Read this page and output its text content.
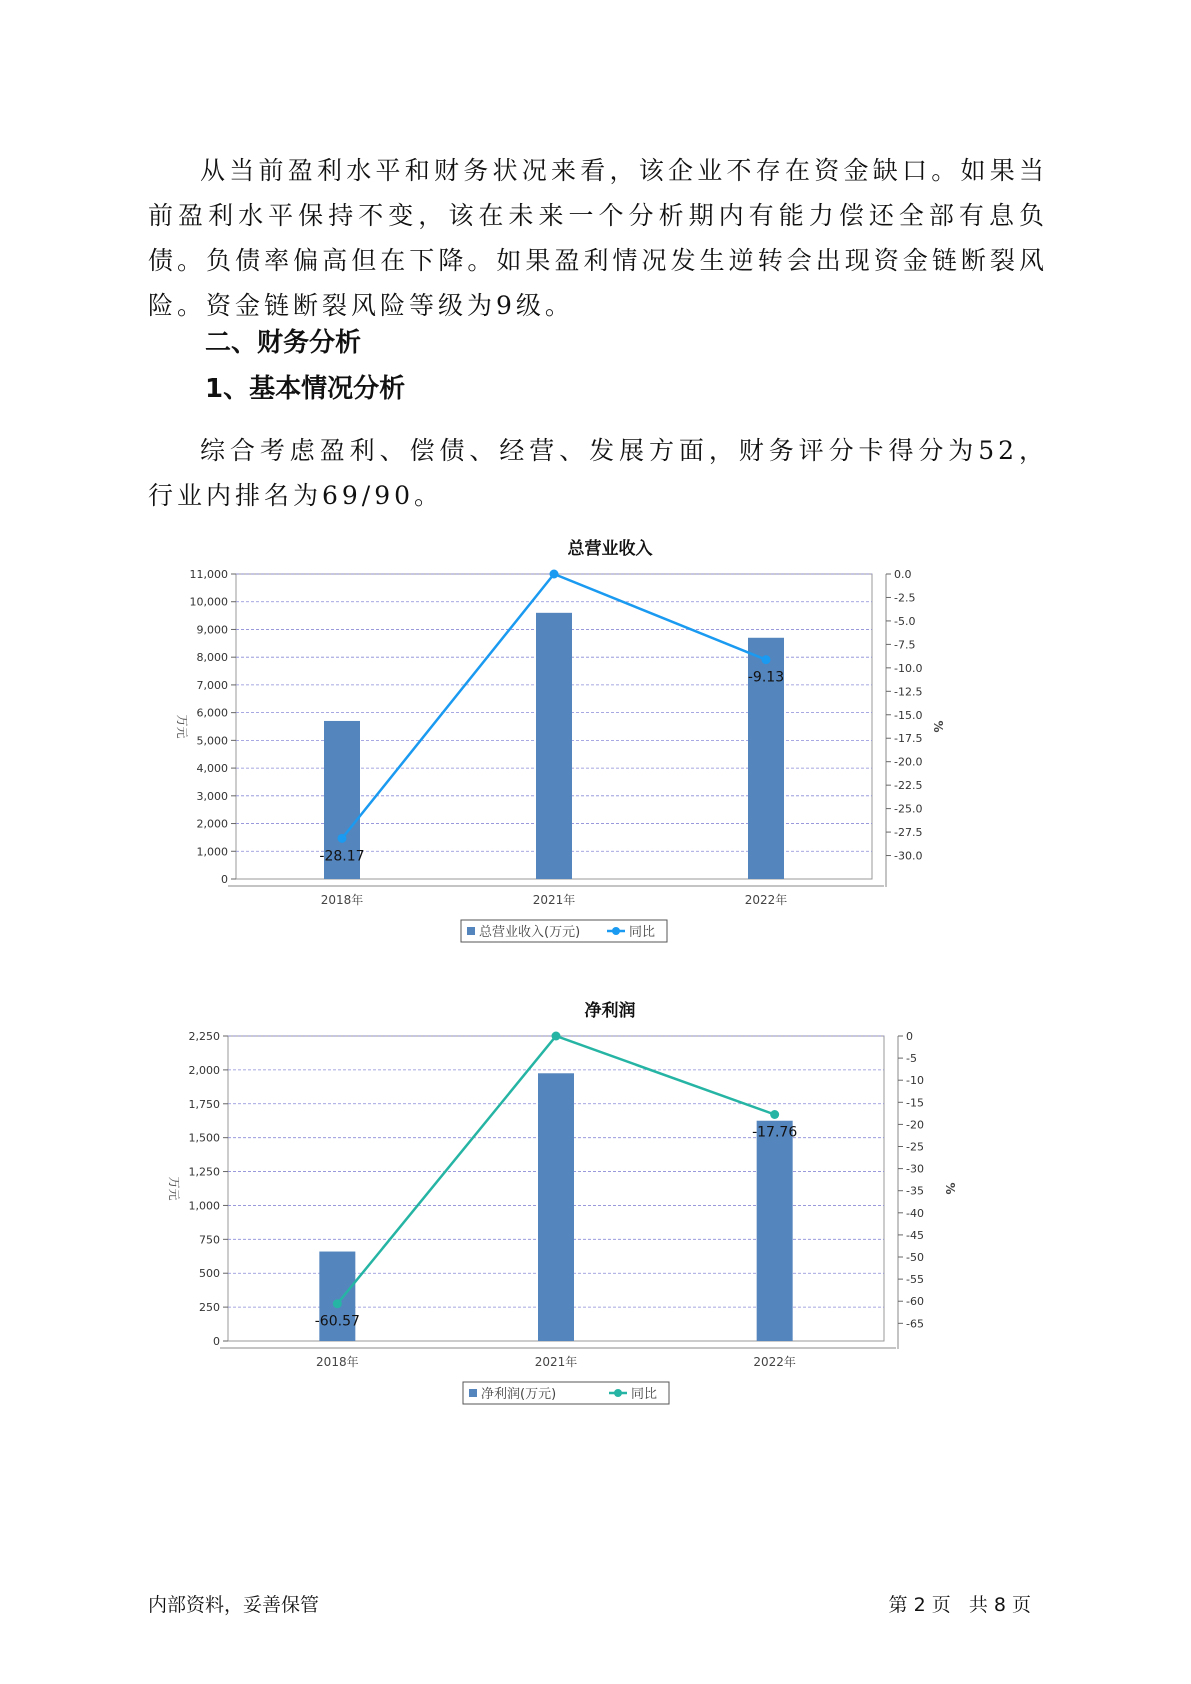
从当前盈利水平和财务状况来看，该企业不存在资金缺口。如果当前盈利水平保持不变，该在未来一个分析期内有能力偿还全部有息负债。负债率偏高但在下降。如果盈利情况发生逆转会出现资金链断裂风险。资金链断裂风险等级为9级。

二、财务分析
1、基本情况分析

综合考虑盈利、偿债、经营、发展方面，财务评分卡得分为52，行业内排名为69/90。

总营业收入
0
1,000
2,000
3,000
4,000
5,000
6,000
7,000
8,000
9,000
10,000
11,000	0.0
-2.5
-5.0
-7.5
-10.0
-12.5
-15.0
-17.5
-20.0
-22.5
-25.0
-27.5
-30.0
2018年	2021年	2022年
万元	%
-28.17
-9.13
总营业收入(万元)	同比
净利润
0
250
500
750
1,000
1,250
1,500
1,750
2,000
2,250	0
-5
-10
-15
-20
-25
-30
-35
-40
-45
-50
-55
-60
-65
2018年	2021年	2022年
万元	%
-60.57
-17.76
净利润(万元)	同比
内部资料，妥善保管	第 2 页   共 8 页
